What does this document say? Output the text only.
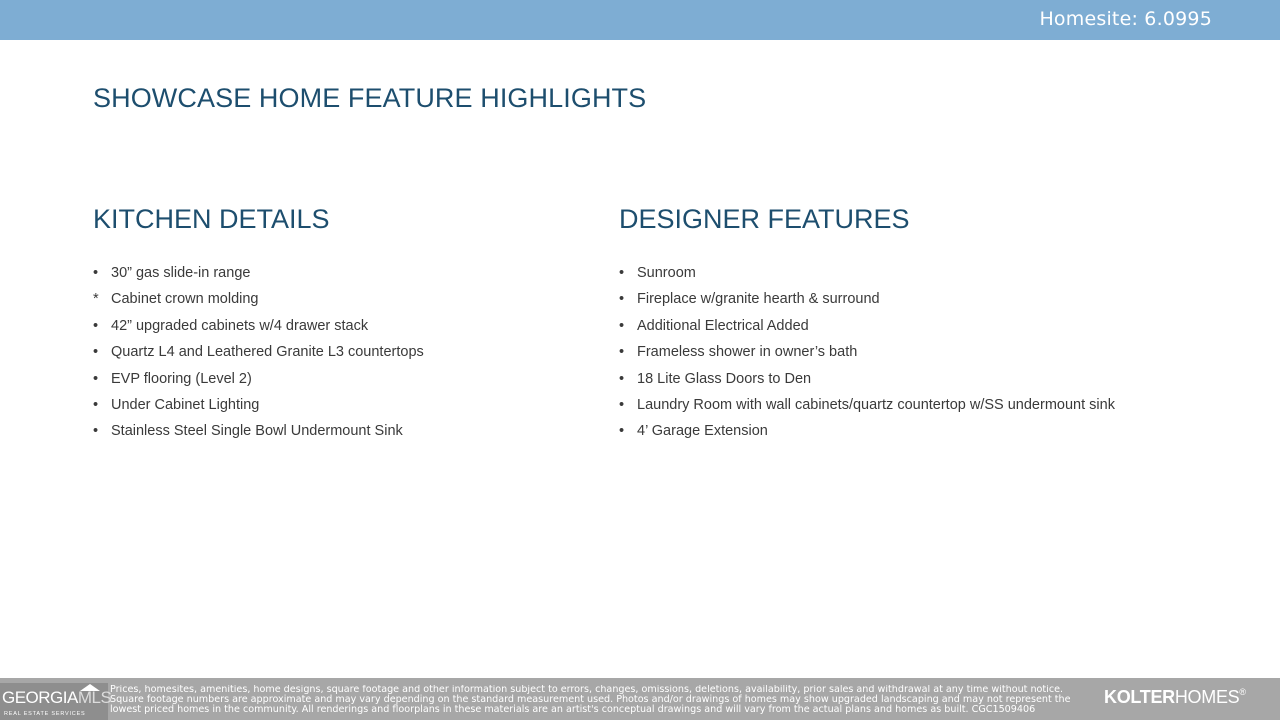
Homesite: 6.0995
SHOWCASE HOME FEATURE HIGHLIGHTS
KITCHEN DETAILS
• 30” gas slide-in range
* Cabinet crown molding
• 42” upgraded cabinets w/4 drawer stack
• Quartz L4 and Leathered Granite L3 countertops
• EVP flooring (Level 2)
• Under Cabinet Lighting
• Stainless Steel Single Bowl Undermount Sink
DESIGNER FEATURES
• Sunroom
• Fireplace w/granite hearth & surround
• Additional Electrical Added
• Frameless shower in owner’s bath
• 18 Lite Glass Doors to Den
• Laundry Room with wall cabinets/quartz countertop w/SS undermount sink
• 4’ Garage Extension
GEORGIAMLS
REAL ESTATE SERVICES
Prices, homesites, amenities, home designs, square footage and other information subject to errors, changes, omissions, deletions, availability, prior sales and withdrawal at any time without notice. Square footage numbers are approximate and may vary depending on the standard measurement used. Photos and/or drawings of homes may show upgraded landscaping and may not represent the lowest priced homes in the community. All renderings and floorplans in these materials are an artist's conceptual drawings and will vary from the actual plans and homes as built. CGC1509406
KOLTERHOMES®
